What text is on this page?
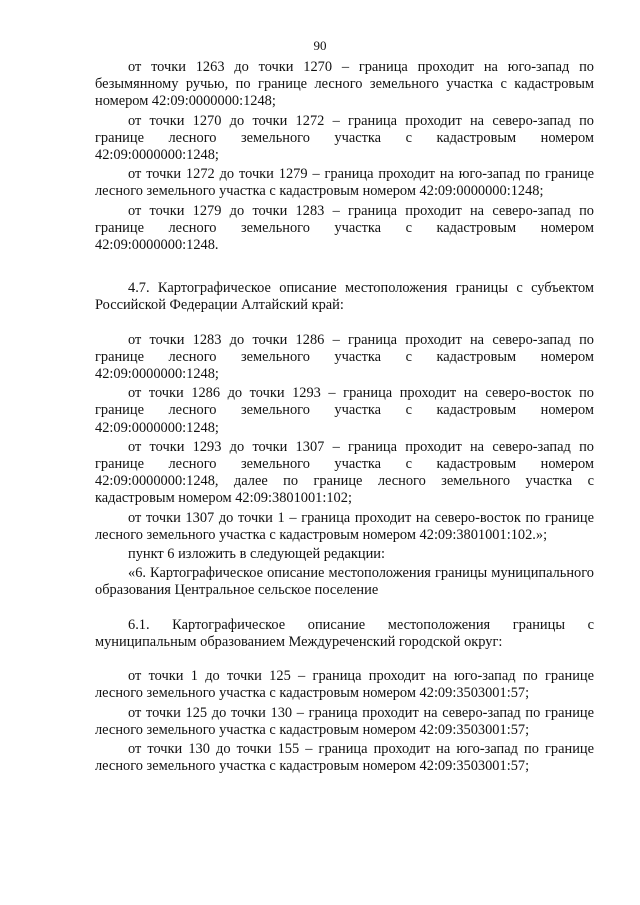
90

от точки 1263 до точки 1270 – граница проходит на юго-запад по безымянному ручью, по границе лесного земельного участка с кадастровым номером 42:09:0000000:1248;

от точки 1270 до точки 1272 – граница проходит на северо-запад по границе лесного земельного участка с кадастровым номером 42:09:0000000:1248;

от точки 1272 до точки 1279 – граница проходит на юго-запад по границе лесного земельного участка с кадастровым номером 42:09:0000000:1248;

от точки 1279 до точки 1283 – граница проходит на северо-запад по границе лесного земельного участка с кадастровым номером 42:09:0000000:1248.

4.7. Картографическое описание местоположения границы с субъектом Российской Федерации Алтайский край:

от точки 1283 до точки 1286 – граница проходит на северо-запад по границе лесного земельного участка с кадастровым номером 42:09:0000000:1248;

от точки 1286 до точки 1293 – граница проходит на северо-восток по границе лесного земельного участка с кадастровым номером 42:09:0000000:1248;

от точки 1293 до точки 1307 – граница проходит на северо-запад по границе лесного земельного участка с кадастровым номером 42:09:0000000:1248, далее по границе лесного земельного участка с кадастровым номером 42:09:3801001:102;

от точки 1307 до точки 1 – граница проходит на северо-восток по границе лесного земельного участка с кадастровым номером 42:09:3801001:102.»;

пункт 6 изложить в следующей редакции:

«6. Картографическое описание местоположения границы муниципального образования Центральное сельское поселение

6.1. Картографическое описание местоположения границы с муниципальным образованием Междуреченский городской округ:

от точки 1 до точки 125 – граница проходит на юго-запад по границе лесного земельного участка с кадастровым номером 42:09:3503001:57;

от точки 125 до точки 130 – граница проходит на северо-запад по границе лесного земельного участка с кадастровым номером 42:09:3503001:57;

от точки 130 до точки 155 – граница проходит на юго-запад по границе лесного земельного участка с кадастровым номером 42:09:3503001:57;
